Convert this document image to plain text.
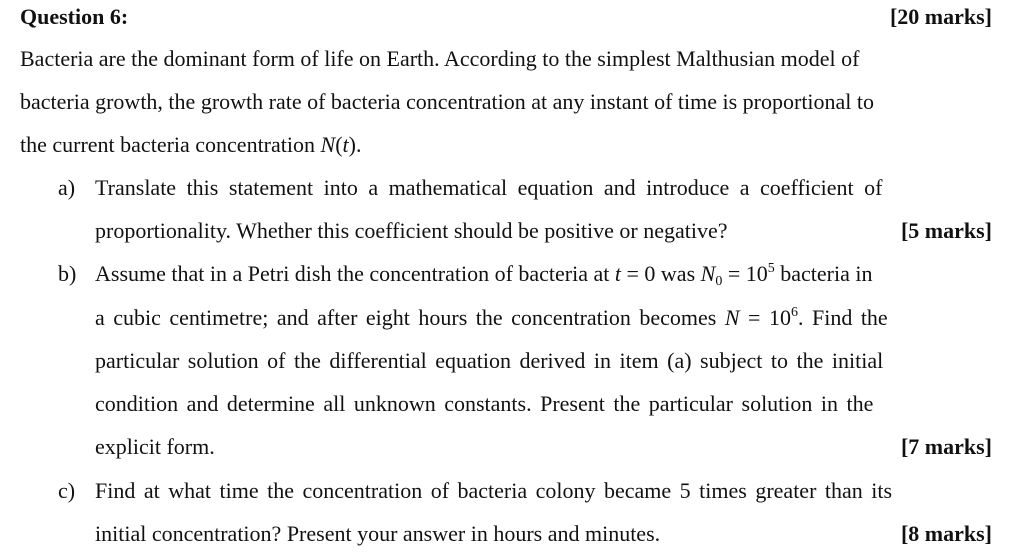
Question 6:	[20 marks]
Bacteria are the dominant form of life on Earth. According to the simplest Malthusian model of
bacteria growth, the growth rate of bacteria concentration at any instant of time is proportional to
the current bacteria concentration N(t).
a) Translate this statement into a mathematical equation and introduce a coefficient of
proportionality. Whether this coefficient should be positive or negative?	[5 marks]
b) Assume that in a Petri dish the concentration of bacteria at t = 0 was $N_0 = 10^5$ bacteria in
a cubic centimetre; and after eight hours the concentration becomes $N = 10^6$. Find the
particular solution of the differential equation derived in item (a) subject to the initial
condition and determine all unknown constants. Present the particular solution in the
explicit form.	[7 marks]
c) Find at what time the concentration of bacteria colony became 5 times greater than its
initial concentration? Present your answer in hours and minutes.	[8 marks]
